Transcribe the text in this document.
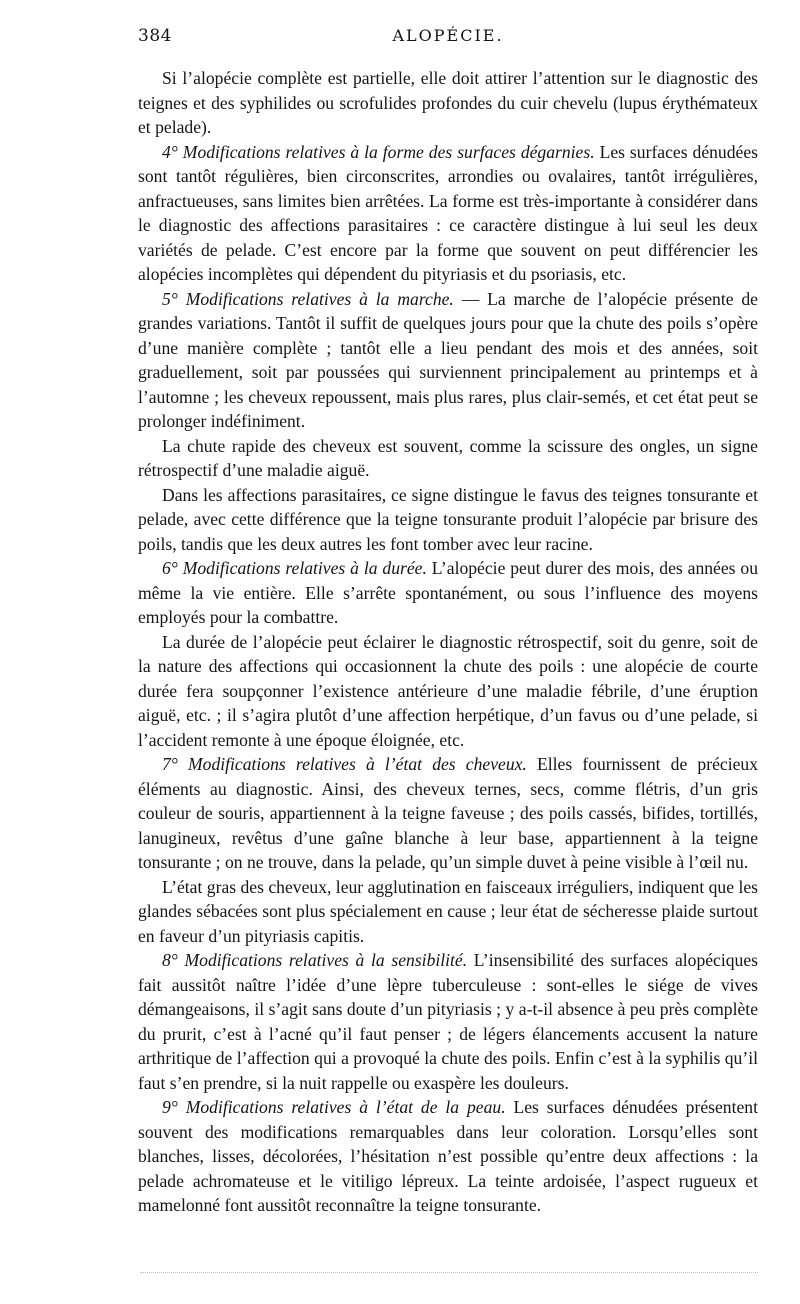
384	ALOPÉCIE.

Si l’alopécie complète est partielle, elle doit attirer l’attention sur le diagnostic des teignes et des syphilides ou scrofulides profondes du cuir chevelu (lupus érythémateux et pelade).

4° Modifications relatives à la forme des surfaces dégarnies. Les surfaces dénudées sont tantôt régulières, bien circonscrites, arrondies ou ovalaires, tantôt irrégulières, anfractueuses, sans limites bien arrêtées. La forme est très-importante à considérer dans le diagnostic des affections parasitaires : ce caractère distingue à lui seul les deux variétés de pelade. C’est encore par la forme que souvent on peut différencier les alopécies incomplètes qui dépendent du pityriasis et du psoriasis, etc.

5° Modifications relatives à la marche. — La marche de l’alopécie présente de grandes variations. Tantôt il suffit de quelques jours pour que la chute des poils s’opère d’une manière complète ; tantôt elle a lieu pendant des mois et des années, soit graduellement, soit par poussées qui surviennent principalement au printemps et à l’automne ; les cheveux repoussent, mais plus rares, plus clair-semés, et cet état peut se prolonger indéfiniment.

La chute rapide des cheveux est souvent, comme la scissure des ongles, un signe rétrospectif d’une maladie aiguë.

Dans les affections parasitaires, ce signe distingue le favus des teignes tonsurante et pelade, avec cette différence que la teigne tonsurante produit l’alopécie par brisure des poils, tandis que les deux autres les font tomber avec leur racine.

6° Modifications relatives à la durée. L’alopécie peut durer des mois, des années ou même la vie entière. Elle s’arrête spontanément, ou sous l’influence des moyens employés pour la combattre.

La durée de l’alopécie peut éclairer le diagnostic rétrospectif, soit du genre, soit de la nature des affections qui occasionnent la chute des poils : une alopécie de courte durée fera soupçonner l’existence antérieure d’une maladie fébrile, d’une éruption aiguë, etc. ; il s’agira plutôt d’une affection herpétique, d’un favus ou d’une pelade, si l’accident remonte à une époque éloignée, etc.

7° Modifications relatives à l’état des cheveux. Elles fournissent de précieux éléments au diagnostic. Ainsi, des cheveux ternes, secs, comme flétris, d’un gris couleur de souris, appartiennent à la teigne faveuse ; des poils cassés, bifides, tortillés, lanugineux, revêtus d’une gaîne blanche à leur base, appartiennent à la teigne tonsurante ; on ne trouve, dans la pelade, qu’un simple duvet à peine visible à l’œil nu.

L’état gras des cheveux, leur agglutination en faisceaux irréguliers, indiquent que les glandes sébacées sont plus spécialement en cause ; leur état de sécheresse plaide surtout en faveur d’un pityriasis capitis.

8° Modifications relatives à la sensibilité. L’insensibilité des surfaces alopéciques fait aussitôt naître l’idée d’une lèpre tuberculeuse : sont-elles le siége de vives démangeaisons, il s’agit sans doute d’un pityriasis ; y a-t-il absence à peu près complète du prurit, c’est à l’acné qu’il faut penser ; de légers élancements accusent la nature arthritique de l’affection qui a provoqué la chute des poils. Enfin c’est à la syphilis qu’il faut s’en prendre, si la nuit rappelle ou exaspère les douleurs.

9° Modifications relatives à l’état de la peau. Les surfaces dénudées présentent souvent des modifications remarquables dans leur coloration. Lorsqu’elles sont blanches, lisses, décolorées, l’hésitation n’est possible qu’entre deux affections : la pelade achromateuse et le vitiligo lépreux. La teinte ardoisée, l’aspect rugueux et mamelonné font aussitôt reconnaître la teigne tonsurante.
